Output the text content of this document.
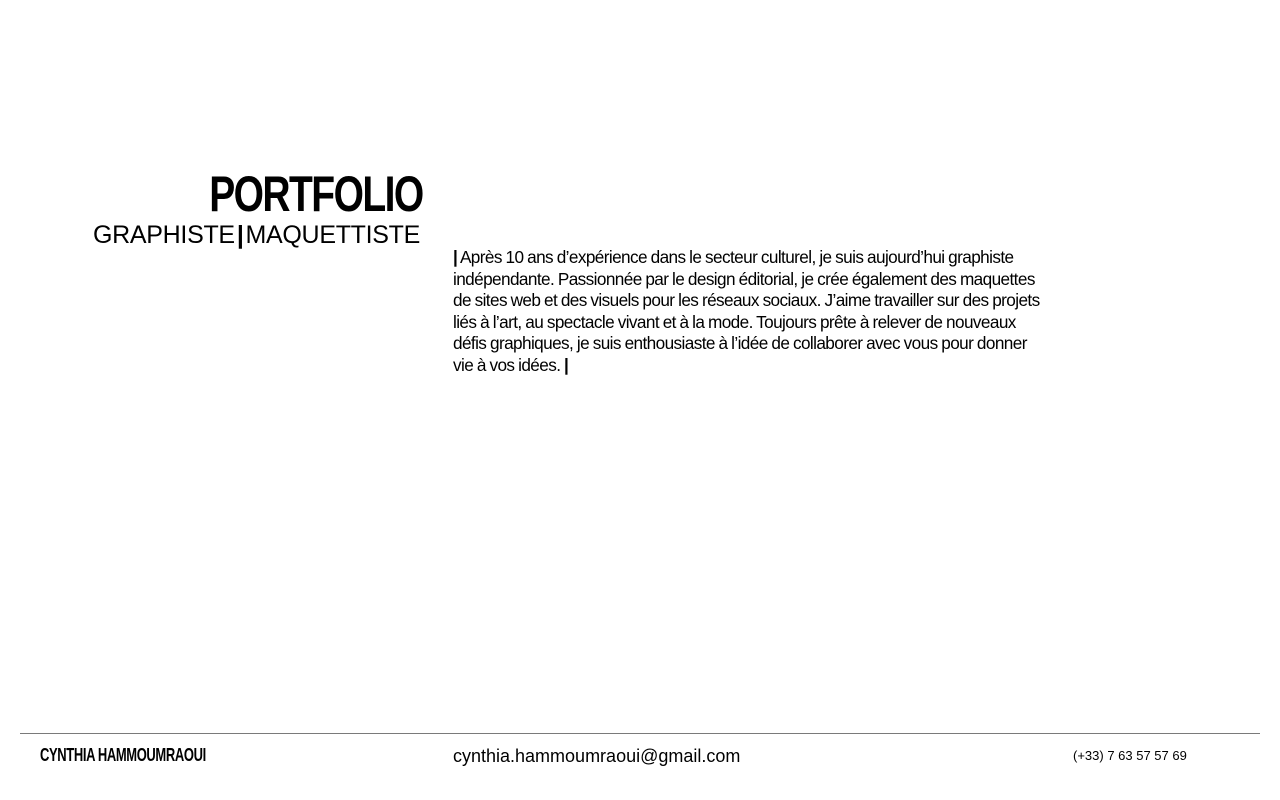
PORTFOLIO
GRAPHISTE|MAQUETTISTE

| Après 10 ans d’expérience dans le secteur culturel, je suis aujourd’hui graphiste indépendante. Passionnée par le design éditorial, je crée également des maquettes de sites web et des visuels pour les réseaux sociaux. J’aime travailler sur des projets liés à l’art, au spectacle vivant et à la mode. Toujours prête à relever de nouveaux défis graphiques, je suis enthousiaste à l’idée de collaborer avec vous pour donner vie à vos idées. |

CYNTHIA HAMMOUMRAOUI	cynthia.hammoumraoui@gmail.com	(+33) 7 63 57 57 69
